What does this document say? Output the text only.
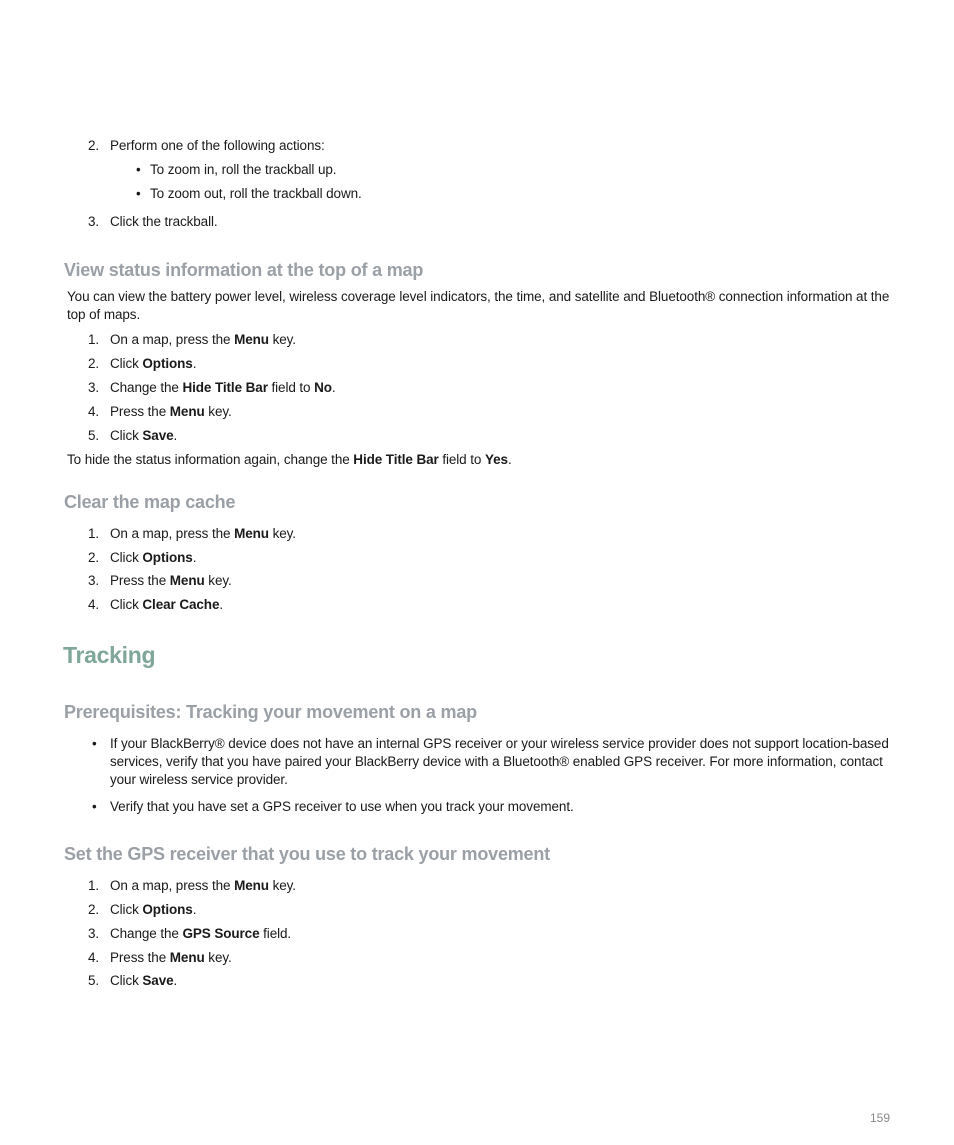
2. Perform one of the following actions:
• To zoom in, roll the trackball up.
• To zoom out, roll the trackball down.
3. Click the trackball.
View status information at the top of a map
You can view the battery power level, wireless coverage level indicators, the time, and satellite and Bluetooth® connection information at the top of maps.
1. On a map, press the Menu key.
2. Click Options.
3. Change the Hide Title Bar field to No.
4. Press the Menu key.
5. Click Save.
To hide the status information again, change the Hide Title Bar field to Yes.
Clear the map cache
1. On a map, press the Menu key.
2. Click Options.
3. Press the Menu key.
4. Click Clear Cache.
Tracking
Prerequisites: Tracking your movement on a map
• If your BlackBerry® device does not have an internal GPS receiver or your wireless service provider does not support location-based services, verify that you have paired your BlackBerry device with a Bluetooth® enabled GPS receiver. For more information, contact your wireless service provider.
• Verify that you have set a GPS receiver to use when you track your movement.
Set the GPS receiver that you use to track your movement
1. On a map, press the Menu key.
2. Click Options.
3. Change the GPS Source field.
4. Press the Menu key.
5. Click Save.
159
